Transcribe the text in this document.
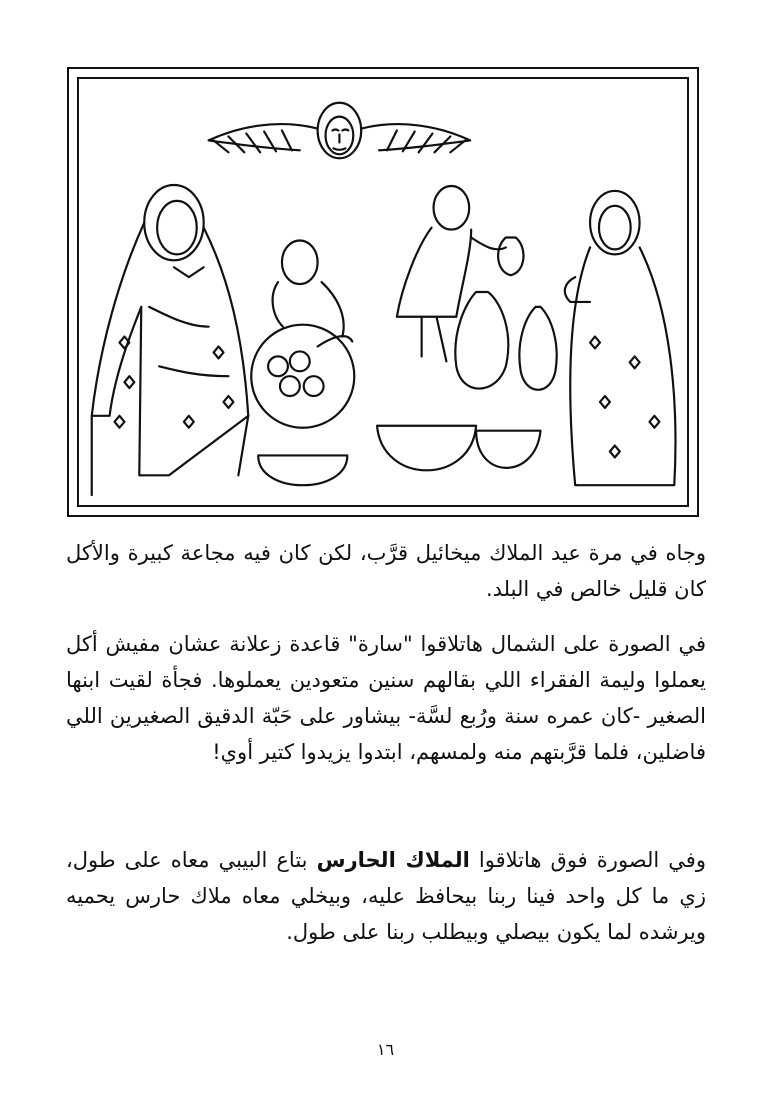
وجاه في مرة عيد الملاك ميخائيل قرَّب، لكن كان فيه مجاعة كبيرة والأكل كان قليل خالص في البلد.

في الصورة على الشمال هاتلاقوا "سارة" قاعدة زعلانة عشان مفيش أكل يعملوا وليمة الفقراء اللي بقالهم سنين متعودين يعملوها. فجأة لقيت ابنها الصغير -كان عمره سنة ورُبع لسَّة- بيشاور على حَبّة الدقيق الصغيرين اللي فاضلين، فلما قرَّبتهم منه ولمسهم، ابتدوا يزيدوا كتير أوي!

وفي الصورة فوق هاتلاقوا الملاك الحارس بتاع البيبي معاه على طول، زي ما كل واحد فينا ربنا بيحافظ عليه، وبيخلي معاه ملاك حارس يحميه ويرشده لما يكون بيصلي وبيطلب ربنا على طول.

١٦
